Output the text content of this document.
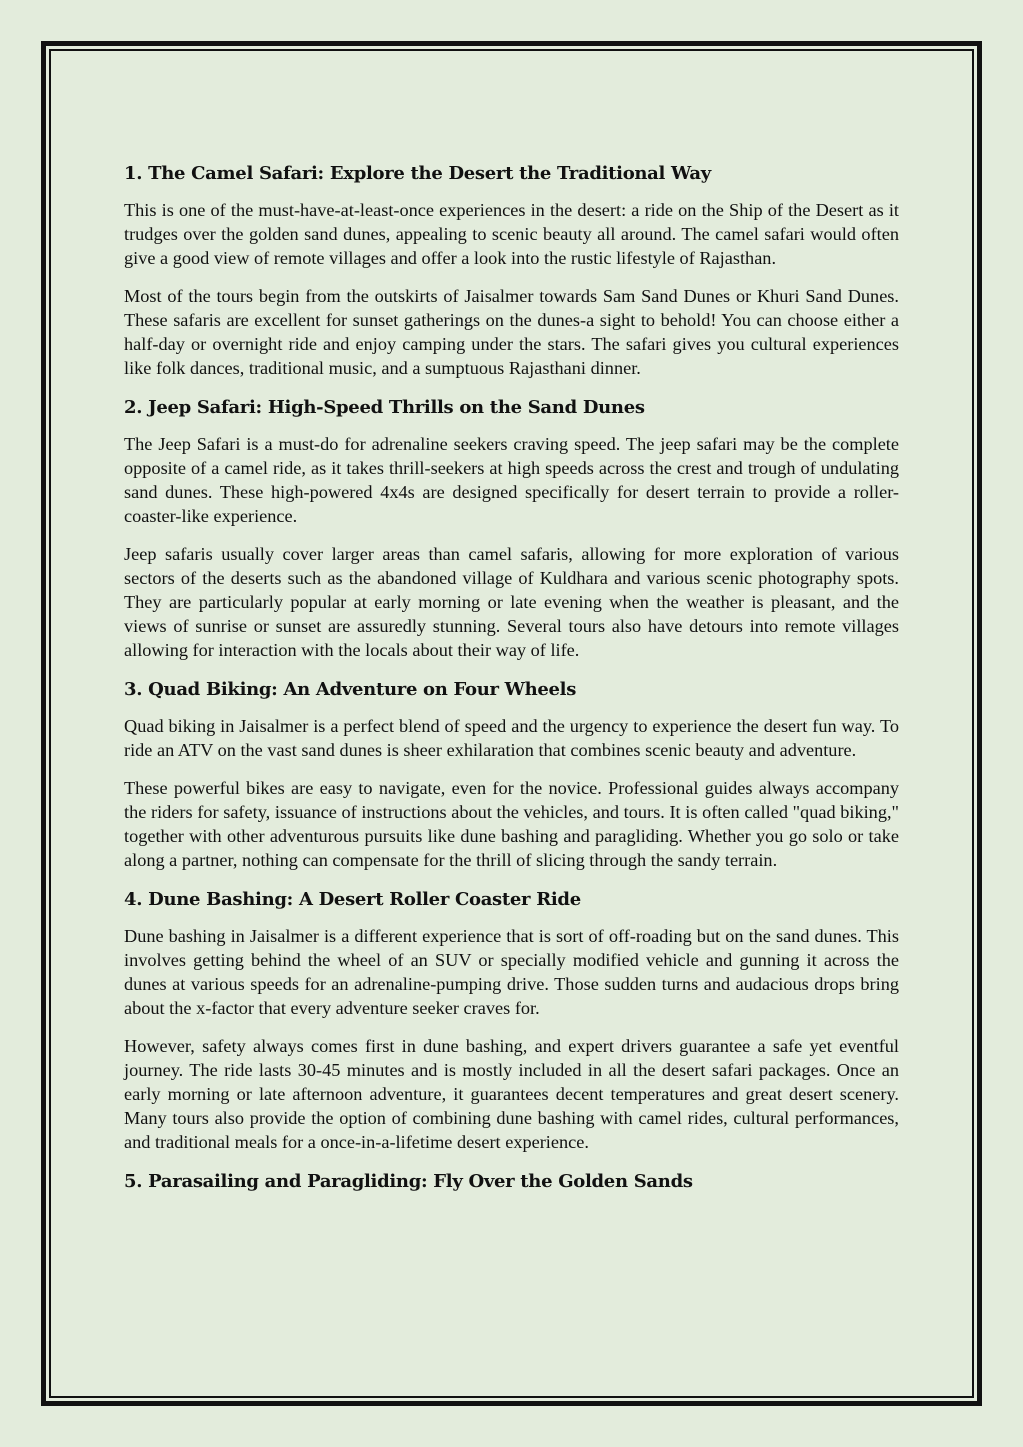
1. The Camel Safari: Explore the Desert the Traditional Way

This is one of the must-have-at-least-once experiences in the desert: a ride on the Ship of the Desert as it trudges over the golden sand dunes, appealing to scenic beauty all around. The camel safari would often give a good view of remote villages and offer a look into the rustic lifestyle of Rajasthan.

Most of the tours begin from the outskirts of Jaisalmer towards Sam Sand Dunes or Khuri Sand Dunes. These safaris are excellent for sunset gatherings on the dunes-a sight to behold! You can choose either a half-day or overnight ride and enjoy camping under the stars. The safari gives you cultural experiences like folk dances, traditional music, and a sumptuous Rajasthani dinner.

2. Jeep Safari: High-Speed Thrills on the Sand Dunes

The Jeep Safari is a must-do for adrenaline seekers craving speed. The jeep safari may be the complete opposite of a camel ride, as it takes thrill-seekers at high speeds across the crest and trough of undulating sand dunes. These high-powered 4x4s are designed specifically for desert terrain to provide a roller-coaster-like experience.

Jeep safaris usually cover larger areas than camel safaris, allowing for more exploration of various sectors of the deserts such as the abandoned village of Kuldhara and various scenic photography spots. They are particularly popular at early morning or late evening when the weather is pleasant, and the views of sunrise or sunset are assuredly stunning. Several tours also have detours into remote villages allowing for interaction with the locals about their way of life.

3. Quad Biking: An Adventure on Four Wheels

Quad biking in Jaisalmer is a perfect blend of speed and the urgency to experience the desert fun way. To ride an ATV on the vast sand dunes is sheer exhilaration that combines scenic beauty and adventure.

These powerful bikes are easy to navigate, even for the novice. Professional guides always accompany the riders for safety, issuance of instructions about the vehicles, and tours. It is often called "quad biking," together with other adventurous pursuits like dune bashing and paragliding. Whether you go solo or take along a partner, nothing can compensate for the thrill of slicing through the sandy terrain.

4. Dune Bashing: A Desert Roller Coaster Ride

Dune bashing in Jaisalmer is a different experience that is sort of off-roading but on the sand dunes. This involves getting behind the wheel of an SUV or specially modified vehicle and gunning it across the dunes at various speeds for an adrenaline-pumping drive. Those sudden turns and audacious drops bring about the x-factor that every adventure seeker craves for.

However, safety always comes first in dune bashing, and expert drivers guarantee a safe yet eventful journey. The ride lasts 30-45 minutes and is mostly included in all the desert safari packages. Once an early morning or late afternoon adventure, it guarantees decent temperatures and great desert scenery. Many tours also provide the option of combining dune bashing with camel rides, cultural performances, and traditional meals for a once-in-a-lifetime desert experience.

5. Parasailing and Paragliding: Fly Over the Golden Sands
